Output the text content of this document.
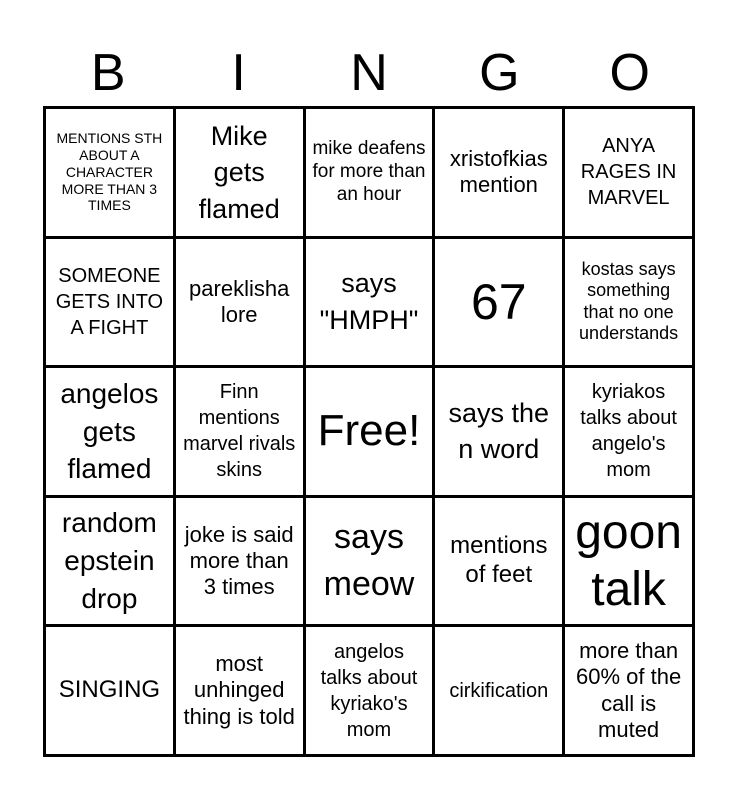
B	I	N	G	O
MENTIONS STH ABOUT A CHARACTER MORE THAN 3 TIMES
Mike gets flamed
mike deafens for more than an hour
xristofkias mention
ANYA RAGES IN MARVEL
SOMEONE GETS INTO A FIGHT
pareklisha lore
says "HMPH"	67
kostas says something that no one understands
angelos gets flamed
Finn mentions marvel rivals skins
Free!	says the n word
kyriakos talks about angelo's mom
random epstein drop
joke is said more than 3 times
says meow
mentions of feet
goon talk
SINGING
most unhinged thing is told
angelos talks about kyriako's mom
cirkification
more than 60% of the call is muted
